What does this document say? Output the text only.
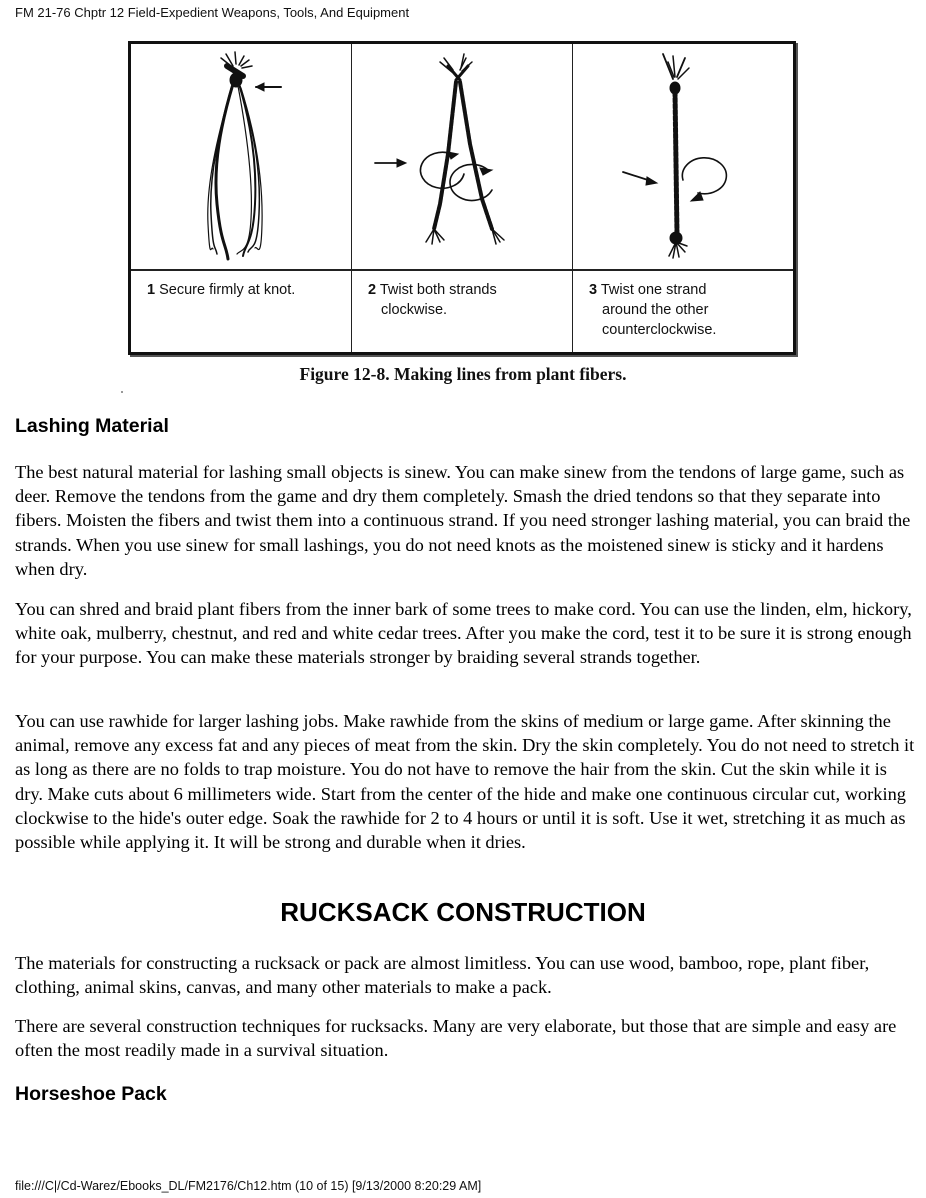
FM 21-76 Chptr 12 Field-Expedient Weapons, Tools, And Equipment
1 Secure firmly at knot.	2 Twist both strands
clockwise.
3 Twist one strand
around the other
counterclockwise.
Figure 12-8. Making lines from plant fibers.
Lashing Material

The best natural material for lashing small objects is sinew. You can make sinew from the tendons of large game, such as deer. Remove the tendons from the game and dry them completely. Smash the dried tendons so that they separate into fibers. Moisten the fibers and twist them into a continuous strand. If you need stronger lashing material, you can braid the strands. When you use sinew for small lashings, you do not need knots as the moistened sinew is sticky and it hardens when dry.

You can shred and braid plant fibers from the inner bark of some trees to make cord. You can use the linden, elm, hickory, white oak, mulberry, chestnut, and red and white cedar trees. After you make the cord, test it to be sure it is strong enough for your purpose. You can make these materials stronger by braiding several strands together.

You can use rawhide for larger lashing jobs. Make rawhide from the skins of medium or large game. After skinning the animal, remove any excess fat and any pieces of meat from the skin. Dry the skin completely. You do not need to stretch it as long as there are no folds to trap moisture. You do not have to remove the hair from the skin. Cut the skin while it is dry. Make cuts about 6 millimeters wide. Start from the center of the hide and make one continuous circular cut, working clockwise to the hide's outer edge. Soak the rawhide for 2 to 4 hours or until it is soft. Use it wet, stretching it as much as possible while applying it. It will be strong and durable when it dries.

RUCKSACK CONSTRUCTION

The materials for constructing a rucksack or pack are almost limitless. You can use wood, bamboo, rope, plant fiber, clothing, animal skins, canvas, and many other materials to make a pack.

There are several construction techniques for rucksacks. Many are very elaborate, but those that are simple and easy are often the most readily made in a survival situation.

Horseshoe Pack
file:///C|/Cd-Warez/Ebooks_DL/FM2176/Ch12.htm (10 of 15) [9/13/2000 8:20:29 AM]
